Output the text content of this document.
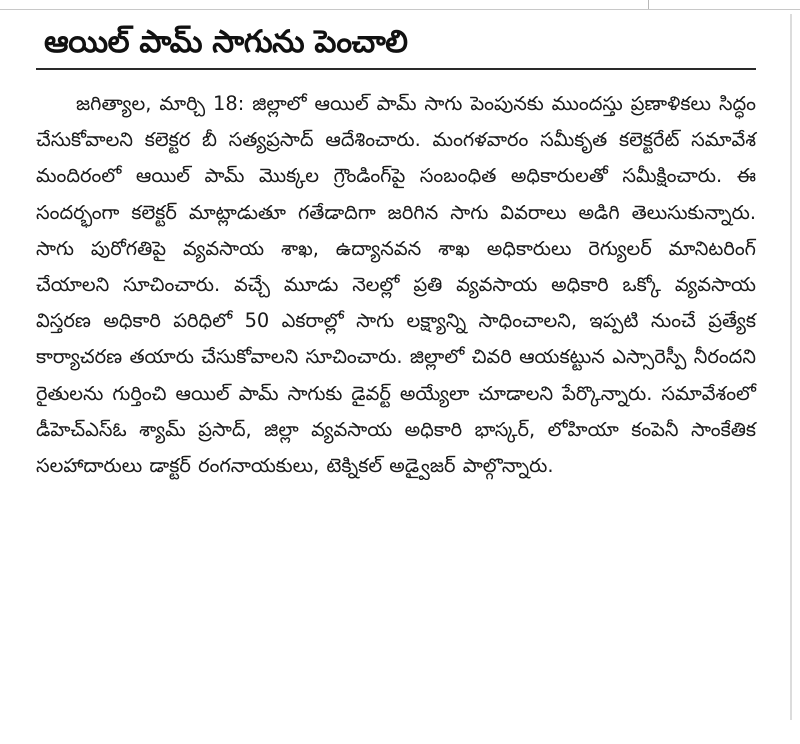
ఆయిల్ పామ్ సాగును పెంచాలి

జగిత్యాల, మార్చి 18: జిల్లాలో ఆయిల్ పామ్ సాగు పెంపునకు ముందస్తు ప్రణాళికలు సిద్ధం చేసుకోవాలని కలెక్టర బీ సత్యప్రసాద్ ఆదేశించారు. మంగళవారం సమీకృత కలెక్టరేట్ సమావేశ మందిరంలో ఆయిల్ పామ్ మొక్కల గ్రౌండింగ్‌పై సంబంధిత అధికారులతో సమీక్షించారు. ఈ సందర్భంగా కలెక్టర్ మాట్లాడుతూ గతేడాదిగా జరిగిన సాగు వివరాలు అడిగి తెలుసుకున్నారు. సాగు పురోగతిపై వ్యవసాయ శాఖ, ఉద్యానవన శాఖ అధికారులు రెగ్యులర్ మానిటరింగ్ చేయాలని సూచించారు. వచ్చే మూడు నెలల్లో ప్రతి వ్యవసాయ అధికారి ఒక్కో వ్యవసాయ విస్తరణ అధికారి పరిధిలో 50 ఎకరాల్లో సాగు లక్ష్యాన్ని సాధించాలని, ఇప్పటి నుంచే ప్రత్యేక కార్యాచరణ తయారు చేసుకోవాలని సూచించారు. జిల్లాలో చివరి ఆయకట్టున ఎస్సారెస్పీ నీరందని రైతులను గుర్తించి ఆయిల్ పామ్ సాగుకు డైవర్ట్ అయ్యేలా చూడాలని పేర్కొన్నారు. సమావేశంలో డీహెచ్‌ఎస్‌ఓ శ్యామ్ ప్రసాద్, జిల్లా వ్యవసాయ అధికారి భాస్కర్, లోహియా కంపెనీ సాంకేతిక సలహాదారులు డాక్టర్ రంగనాయకులు, టెక్నికల్ అడ్వైజర్ పాల్గొన్నారు.
